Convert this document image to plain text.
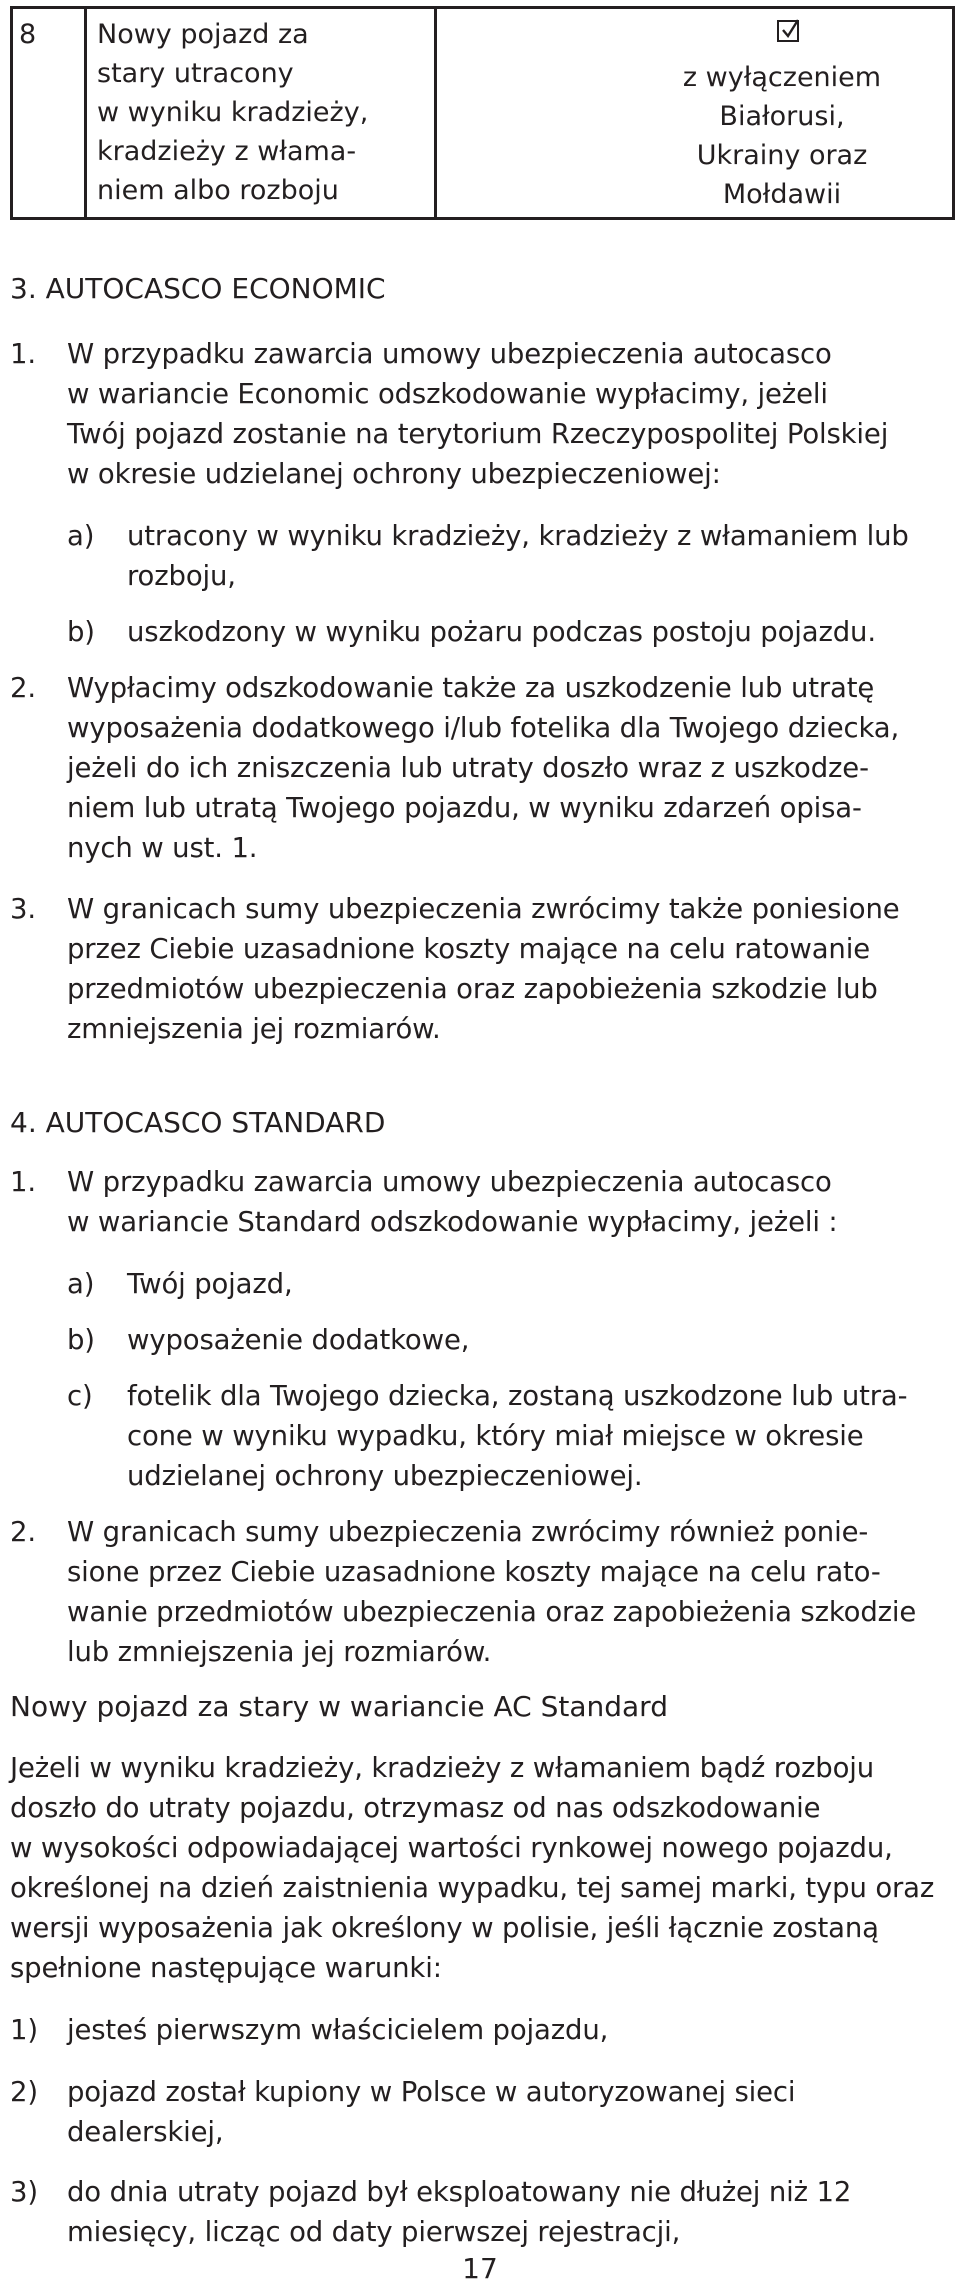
8 Nowy pojazd za
stary utracony
w wyniku kradzieży,
kradzieży z włama-
niem albo rozboju
z wyłączeniem
Białorusi,
Ukrainy oraz
Mołdawii
3. AUTOCASCO ECONOMIC
1. W przypadku zawarcia umowy ubezpieczenia autocasco
w wariancie Economic odszkodowanie wypłacimy, jeżeli
Twój pojazd zostanie na terytorium Rzeczypospolitej Polskiej
w okresie udzielanej ochrony ubezpieczeniowej:
a) utracony w wyniku kradzieży, kradzieży z włamaniem lub
rozboju,
b) uszkodzony w wyniku pożaru podczas postoju pojazdu.
2. Wypłacimy odszkodowanie także za uszkodzenie lub utratę
wyposażenia dodatkowego i/lub fotelika dla Twojego dziecka,
jeżeli do ich zniszczenia lub utraty doszło wraz z uszkodze-
niem lub utratą Twojego pojazdu, w wyniku zdarzeń opisa-
nych w ust. 1.
3. W granicach sumy ubezpieczenia zwrócimy także poniesione
przez Ciebie uzasadnione koszty mające na celu ratowanie
przedmiotów ubezpieczenia oraz zapobieżenia szkodzie lub
zmniejszenia jej rozmiarów.
4. AUTOCASCO STANDARD
1. W przypadku zawarcia umowy ubezpieczenia autocasco
w wariancie Standard odszkodowanie wypłacimy, jeżeli :
a) Twój pojazd,
b) wyposażenie dodatkowe,
c) fotelik dla Twojego dziecka, zostaną uszkodzone lub utra-
cone w wyniku wypadku, który miał miejsce w okresie
udzielanej ochrony ubezpieczeniowej.
2. W granicach sumy ubezpieczenia zwrócimy również ponie-
sione przez Ciebie uzasadnione koszty mające na celu rato-
wanie przedmiotów ubezpieczenia oraz zapobieżenia szkodzie
lub zmniejszenia jej rozmiarów.
Nowy pojazd za stary w wariancie AC Standard
Jeżeli w wyniku kradzieży, kradzieży z włamaniem bądź rozboju
doszło do utraty pojazdu, otrzymasz od nas odszkodowanie
w wysokości odpowiadającej wartości rynkowej nowego pojazdu,
określonej na dzień zaistnienia wypadku, tej samej marki, typu oraz
wersji wyposażenia jak określony w polisie, jeśli łącznie zostaną
spełnione następujące warunki:
1) jesteś pierwszym właścicielem pojazdu,
2) pojazd został kupiony w Polsce w autoryzowanej sieci
dealerskiej,
3) do dnia utraty pojazd był eksploatowany nie dłużej niż 12
miesięcy, licząc od daty pierwszej rejestracji,
17
